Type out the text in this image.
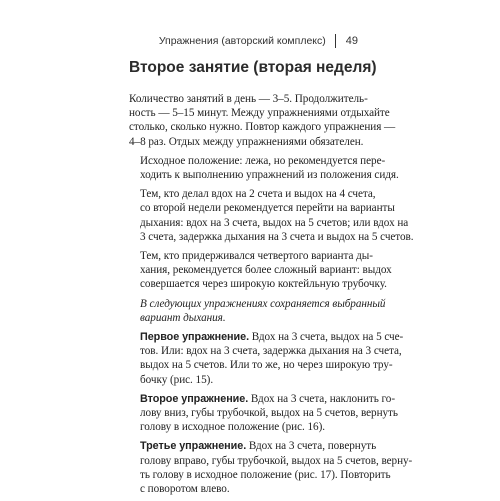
Упражнения (авторский комплекс) 49
Второе занятие (вторая неделя)

Количество занятий в день — 3–5. Продолжитель-
ность — 5–15 минут. Между упражнениями отдыхайте
столько, сколько нужно. Повтор каждого упражнения —
4–8 раз. Отдых между упражнениями обязателен.

Исходное положение: лежа, но рекомендуется пере-
ходить к выполнению упражнений из положения сидя.

Тем, кто делал вдох на 2 счета и выдох на 4 счета,
со второй недели рекомендуется перейти на варианты
дыхания: вдох на 3 счета, выдох на 5 счетов; или вдох на
3 счета, задержка дыхания на 3 счета и выдох на 5 счетов.

Тем, кто придерживался четвертого варианта ды-
хания, рекомендуется более сложный вариант: выдох
совершается через широкую коктейльную трубочку.

В следующих упражнениях сохраняется выбранный
вариант дыхания.

Первое упражнение. Вдох на 3 счета, выдох на 5 сче-
тов. Или: вдох на 3 счета, задержка дыхания на 3 счета,
выдох на 5 счетов. Или то же, но через широкую тру-
бочку (рис. 15).

Второе упражнение. Вдох на 3 счета, наклонить го-
лову вниз, губы трубочкой, выдох на 5 счетов, вернуть
голову в исходное положение (рис. 16).

Третье упражнение. Вдох на 3 счета, повернуть
голову вправо, губы трубочкой, выдох на 5 счетов, верну-
ть голову в исходное положение (рис. 17). Повторить
с поворотом влево.
